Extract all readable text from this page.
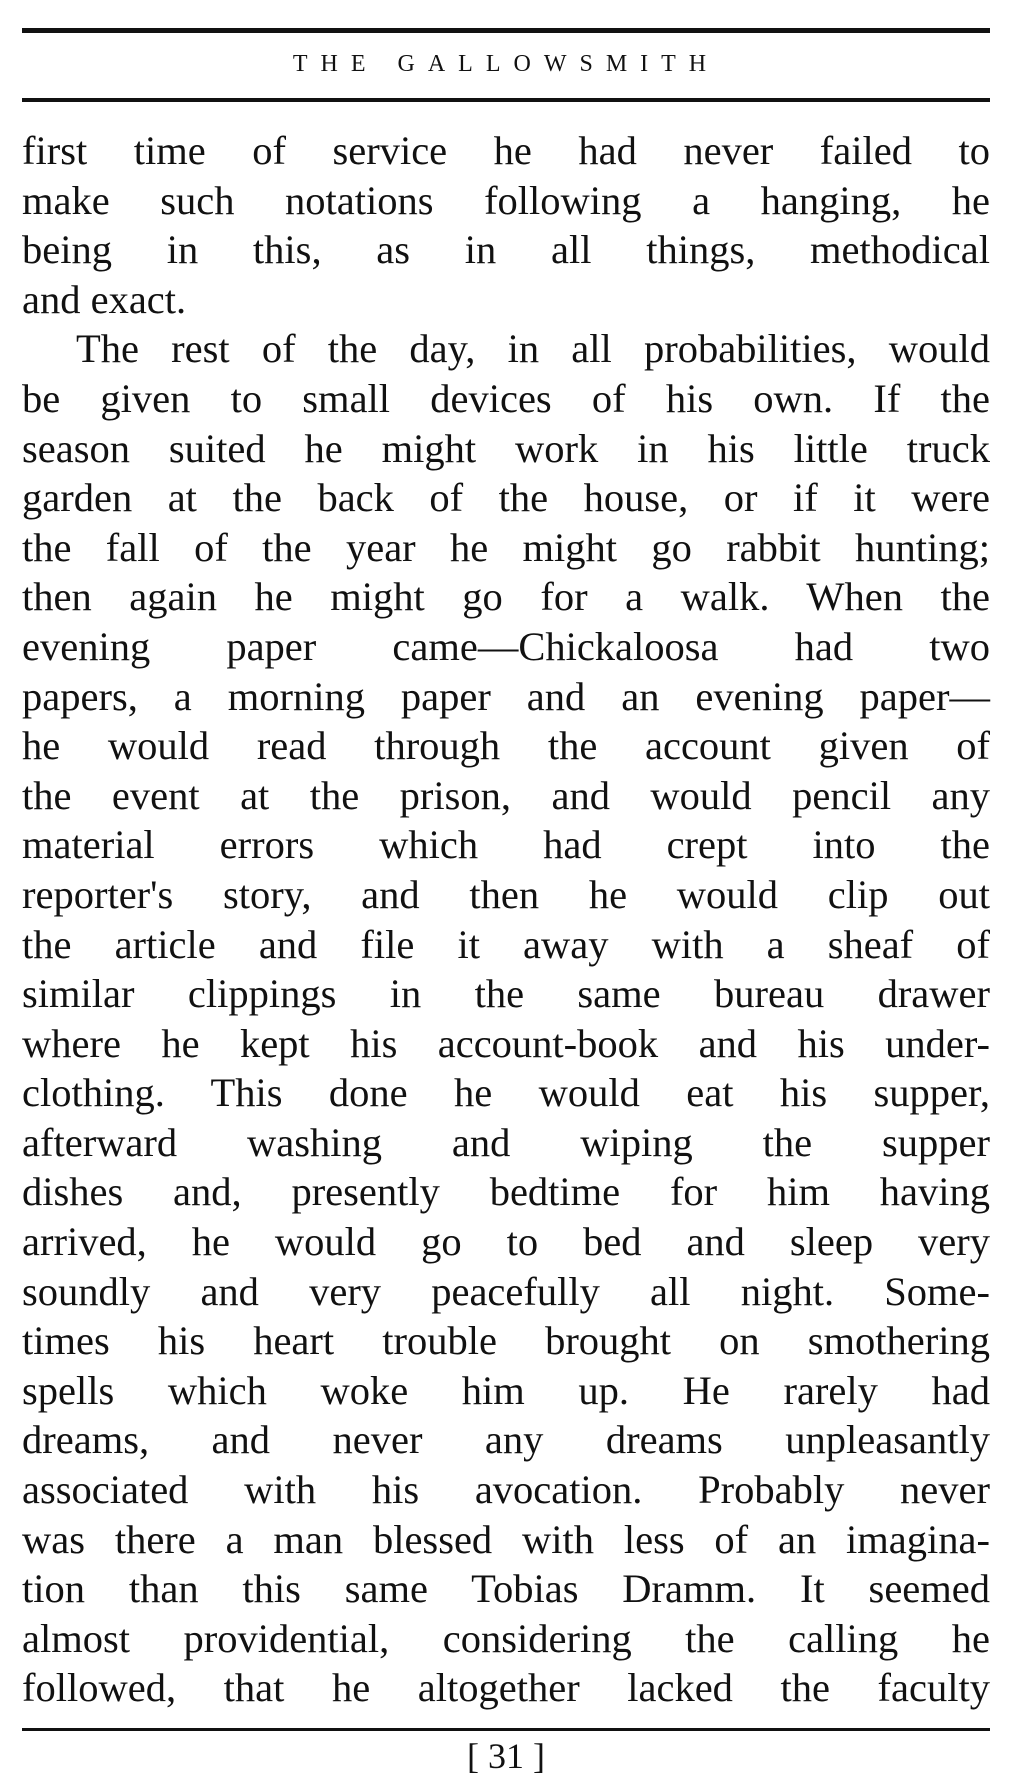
THE GALLOWSMITH

first time of service he had never failed to
make such notations following a hanging, he
being in this, as in all things, methodical
and exact.

The rest of the day, in all probabilities, would
be given to small devices of his own. If the
season suited he might work in his little truck
garden at the back of the house, or if it were
the fall of the year he might go rabbit hunting;
then again he might go for a walk. When the
evening paper came—Chickaloosa had two
papers, a morning paper and an evening paper—
he would read through the account given of
the event at the prison, and would pencil any
material errors which had crept into the
reporter's story, and then he would clip out
the article and file it away with a sheaf of
similar clippings in the same bureau drawer
where he kept his account-book and his under-
clothing. This done he would eat his supper,
afterward washing and wiping the supper
dishes and, presently bedtime for him having
arrived, he would go to bed and sleep very
soundly and very peacefully all night. Some-
times his heart trouble brought on smothering
spells which woke him up. He rarely had
dreams, and never any dreams unpleasantly
associated with his avocation. Probably never
was there a man blessed with less of an imagina-
tion than this same Tobias Dramm. It seemed
almost providential, considering the calling he
followed, that he altogether lacked the faculty

[ 31 ]
